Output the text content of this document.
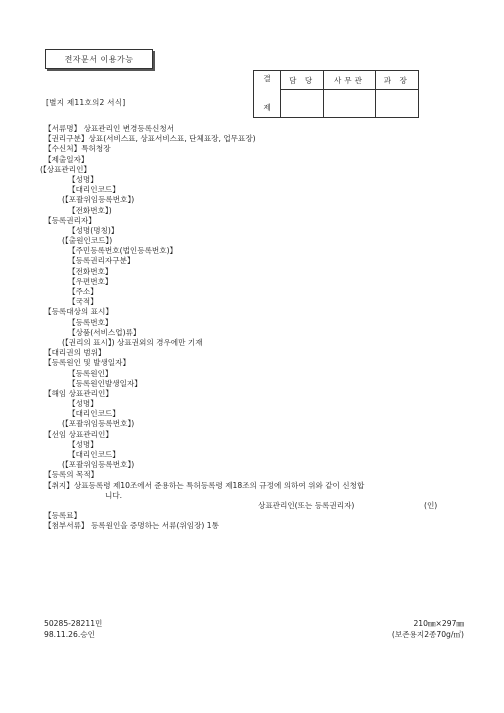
전자문서 이용가능
결

제	담 당	사무관	과 장

[별지 제11호의2 서식]
【서류명】 상표관리인 변경등록신청서
【권리구분】상표(서비스표, 상표서비스표, 단체표장, 업무표장)
【수신처】특허청장
【제출일자】
(【상표관리인】
【성명】
【대리인코드】
(【포괄위임등록번호】)
【전화번호】)
【등록권리자】
【성명(명칭)】
(【출원인코드】)
【주민등록번호(법인등록번호)】
【등록권리자구분】
【전화번호】
【우편번호】
【주소】
【국적】
【등록대상의 표시】
【등록번호】
【상품(서비스업)류】
(【권리의 표시】) 상표권외의 경우에만 기재
【대리권의 범위】
【등록원인 및 발생일자】
【등록원인】
【등록원인발생일자】
【해임 상표관리인】
【성명】
【대리인코드】
(【포괄위임등록번호】)
【선임 상표관리인】
【성명】
【대리인코드】
(【포괄위임등록번호】)
【등록의 목적】
【취지】상표등록령 제10조에서 준용하는 특허등록령 제18조의 규정에 의하여 위와 같이 신청합
니다.
상표관리인(또는 등록권리자)	(인)
【등록료】
【첨부서류】 등록원인을 증명하는 서류(위임장) 1통
50285-28211민
98.11.26.승인
210㎜×297㎜
(보존용지2종70g/㎡)
